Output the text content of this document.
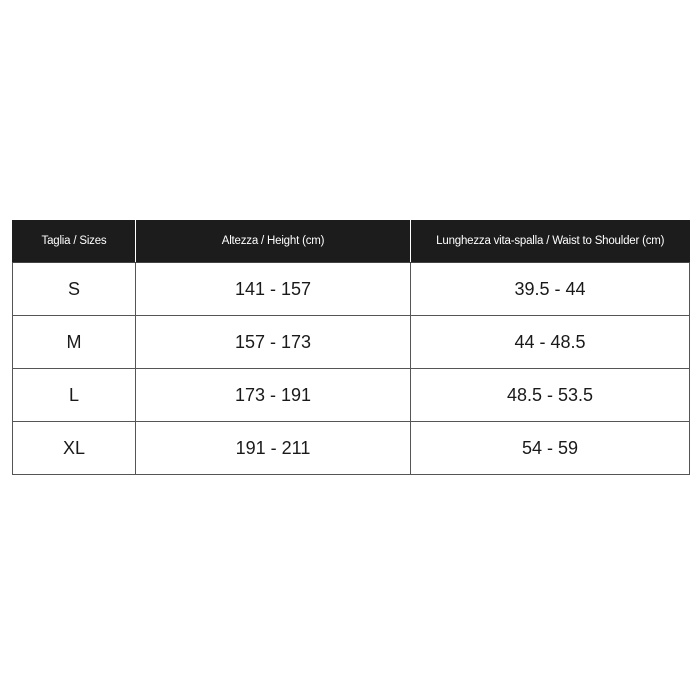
Taglia / Sizes	Altezza / Height (cm)	Lunghezza vita-spalla / Waist to Shoulder (cm)
S	141 - 157	39.5 - 44
M	157 - 173	44 - 48.5
L	173 - 191	48.5 - 53.5
XL	191 - 211	54 - 59
